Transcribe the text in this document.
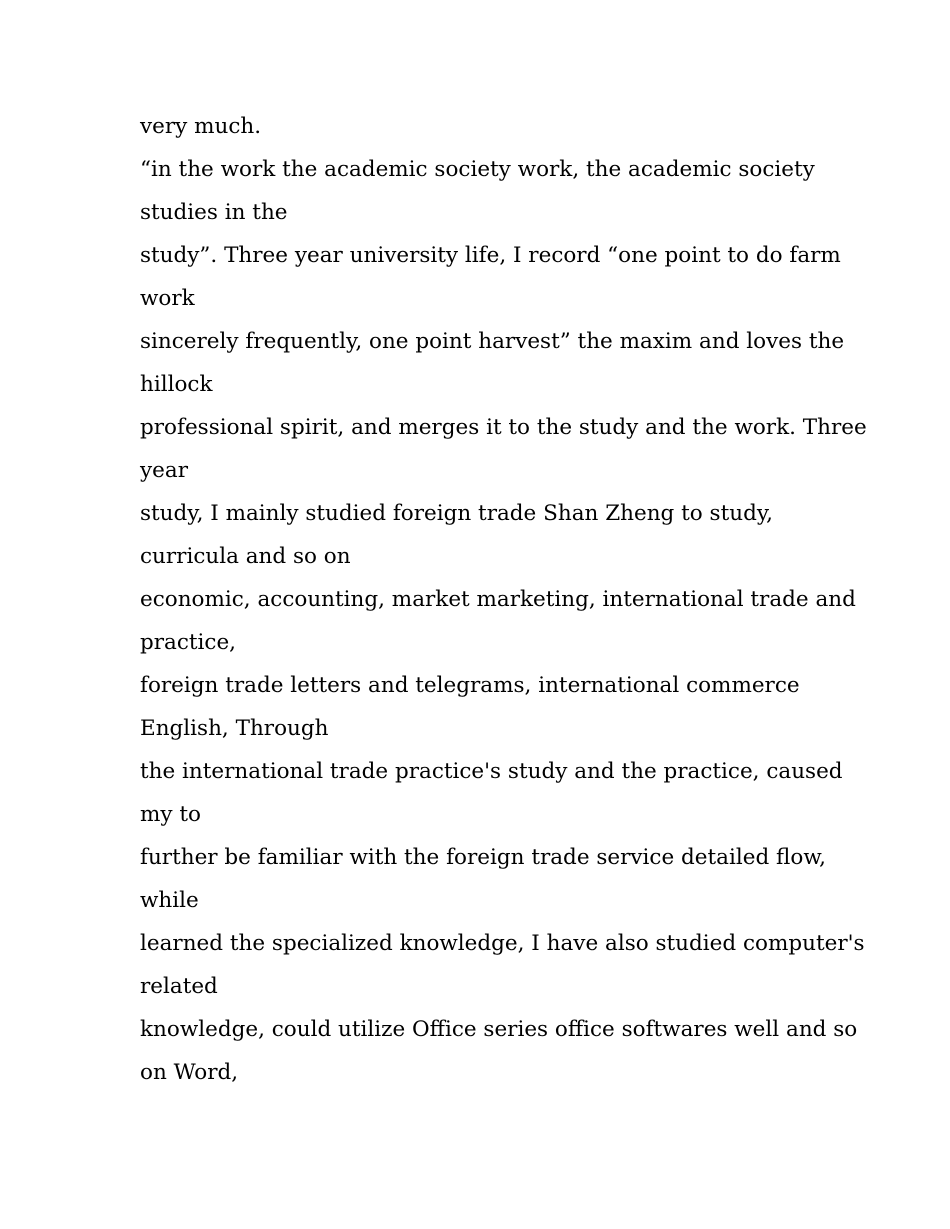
very much.
“in the work the academic society work, the academic society
studies in the
study”. Three year university life, I record “one point to do farm
work
sincerely frequently, one point harvest” the maxim and loves the
hillock
professional spirit, and merges it to the study and the work. Three
year
study, I mainly studied foreign trade Shan Zheng to study,
curricula and so on
economic, accounting, market marketing, international trade and
practice,
foreign trade letters and telegrams, international commerce
English, Through
the international trade practice's study and the practice, caused
my to
further be familiar with the foreign trade service detailed flow,
while
learned the specialized knowledge, I have also studied computer's
related
knowledge, could utilize Office series office softwares well and so
on Word,
